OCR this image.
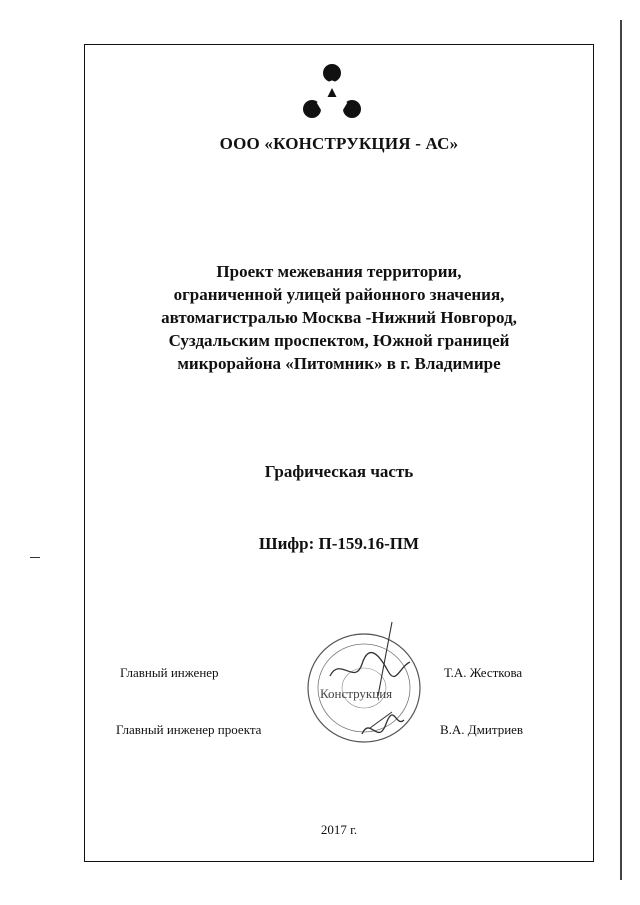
ООО «КОНСТРУКЦИЯ - АС»
Проект межевания территории,
ограниченной улицей районного значения,
автомагистралью Москва -Нижний Новгород,
Суздальским проспектом, Южной границей
микрорайона «Питомник» в г. Владимире
Графическая часть
Шифр: П-159.16-ПМ
Главный инженер	Т.А. Жесткова
Главный инженер проекта	В.А. Дмитриев
Конструкция
2017 г.
